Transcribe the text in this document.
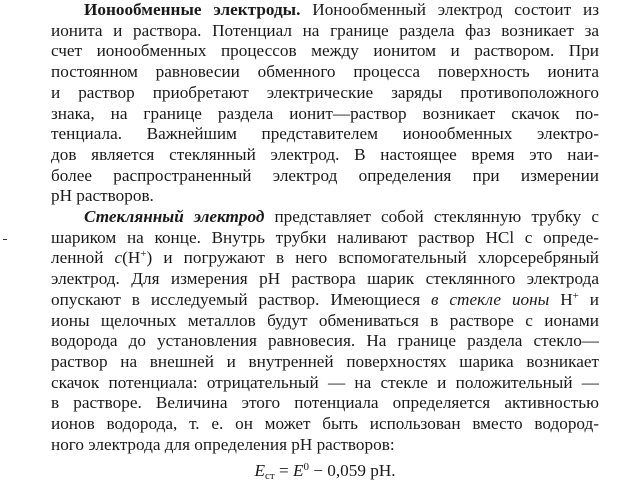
Ионообменные электроды. Ионообменный электрод состоит из

ионита и раствора. Потенциал на границе раздела фаз возникает за

счет ионообменных процессов между ионитом и раствором. При

постоянном равновесии обменного процесса поверхность ионита

и раствор приобретают электрические заряды противоположного

знака, на границе раздела ионит—раствор возникает скачок по-

тенциала. Важнейшим представителем ионообменных электро-

дов является стеклянный электрод. В настоящее время это наи-

более распространенный электрод определения при измерении

pH растворов.

Стеклянный электрод представляет собой стеклянную трубку с

шариком на конце. Внутрь трубки наливают раствор HCl с опреде-

ленной c(H+) и погружают в него вспомогательный хлорсеребряный

электрод. Для измерения pH раствора шарик стеклянного электрода

опускают в исследуемый раствор. Имеющиеся в стекле ионы H+ и

ионы щелочных металлов будут обмениваться в растворе с ионами

водорода до установления равновесия. На границе раздела стекло—

раствор на внешней и внутренней поверхностях шарика возникает

скачок потенциала: отрицательный — на стекле и положительный —

в растворе. Величина этого потенциала определяется активностью

ионов водорода, т. е. он может быть использован вместо водород-

ного электрода для определения pH растворов:

$E_{ст} = E^0 - 0,059$ pH.
